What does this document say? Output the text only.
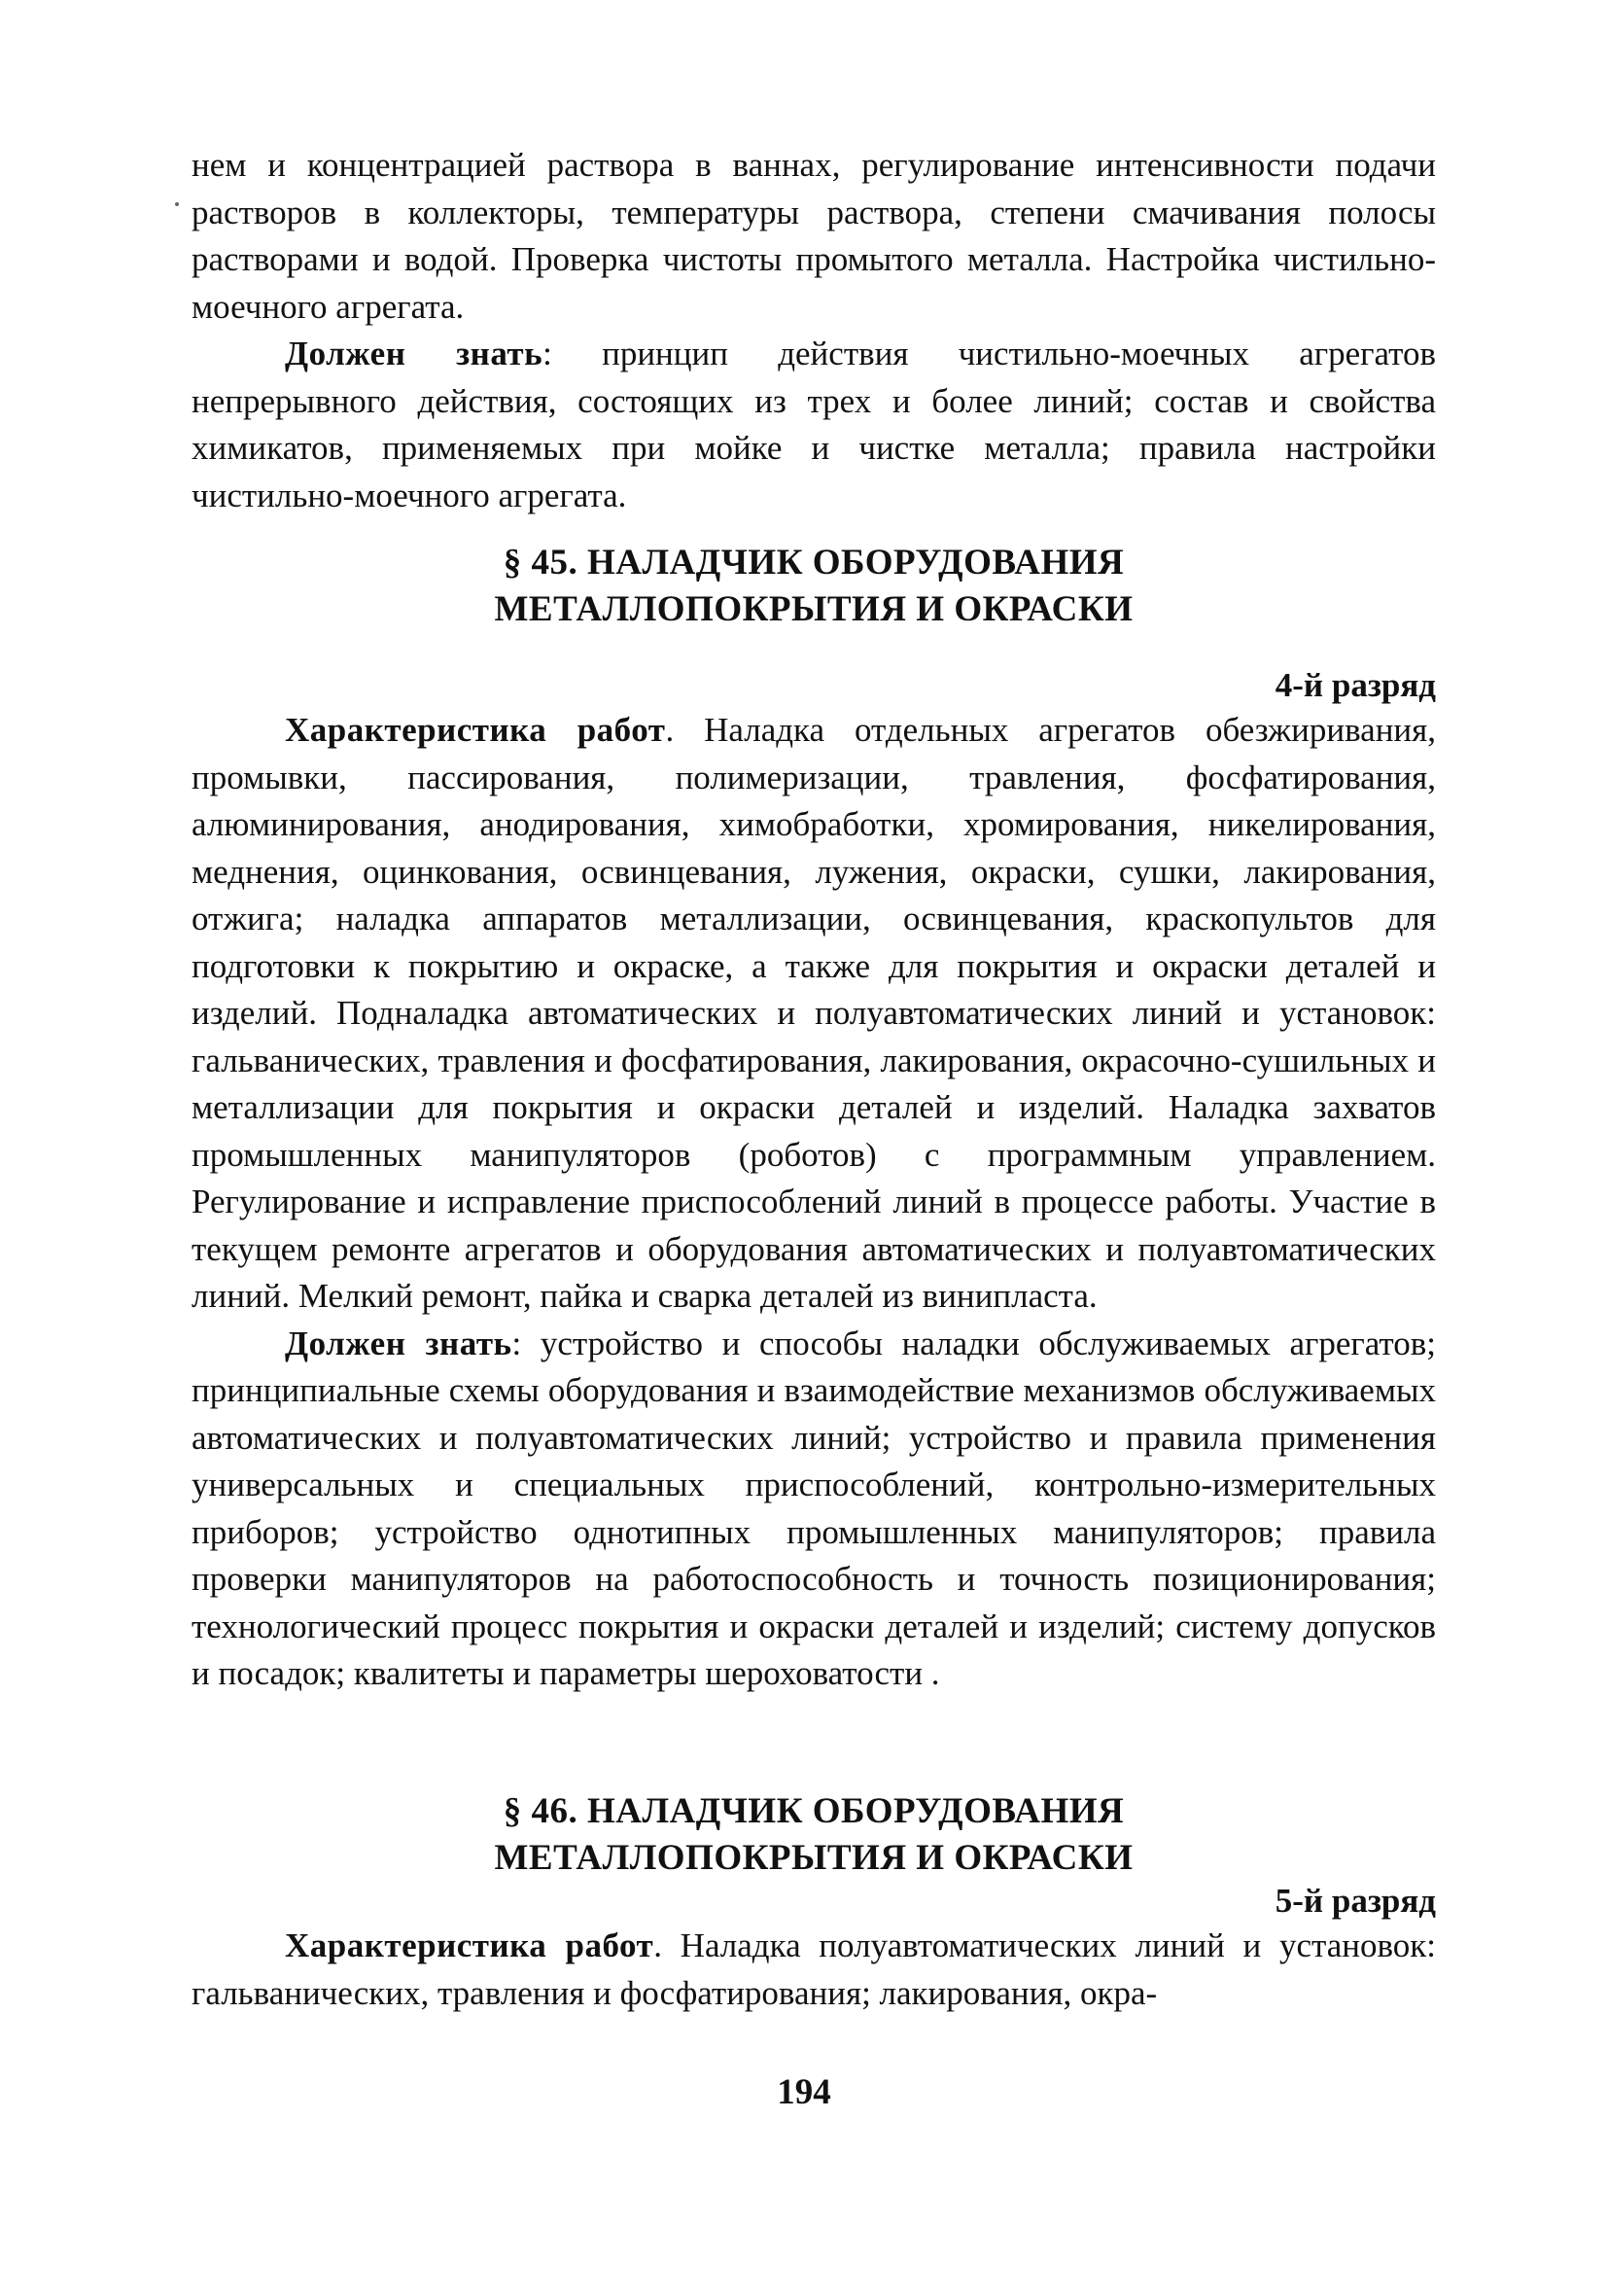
нем и концентрацией раствора в ваннах, регулирование интенсивности подачи растворов в коллекторы, температуры раствора, степени смачивания полосы растворами и водой. Проверка чистоты промытого металла. Настройка чистильно-моечного агрегата.

Должен знать: принцип действия чистильно-моечных агрегатов непрерывного действия, состоящих из трех и более линий; состав и свойства химикатов, применяемых при мойке и чистке металла; правила настройки чистильно-моечного агрегата.

§ 45. НАЛАДЧИК ОБОРУДОВАНИЯ
МЕТАЛЛОПОКРЫТИЯ И ОКРАСКИ
4-й разряд

Характеристика работ. Наладка отдельных агрегатов обезжиривания, промывки, пассирования, полимеризации, травления, фосфатирования, алюминирования, анодирования, химобработки, хромирования, никелирования, меднения, оцинкования, освинцевания, лужения, окраски, сушки, лакирования, отжига; наладка аппаратов металлизации, освинцевания, краскопультов для подготовки к покрытию и окраске, а также для покрытия и окраски деталей и изделий. Подналадка автоматических и полуавтоматических линий и установок: гальванических, травления и фосфатирования, лакирования, окрасочно-сушильных и металлизации для покрытия и окраски деталей и изделий. Наладка захватов промышленных манипуляторов (роботов) с программным управлением. Регулирование и исправление приспособлений линий в процессе работы. Участие в текущем ремонте агрегатов и оборудования автоматических и полуавтоматических линий. Мелкий ремонт, пайка и сварка деталей из винипласта.

Должен знать: устройство и способы наладки обслуживаемых агрегатов; принципиальные схемы оборудования и взаимодействие механизмов обслуживаемых автоматических и полуавтоматических линий; устройство и правила применения универсальных и специальных приспособлений, контрольно-измерительных приборов; устройство однотипных промышленных манипуляторов; правила проверки манипуляторов на работоспособность и точность позиционирования; технологический процесс покрытия и окраски деталей и изделий; систему допусков и посадок; квалитеты и параметры шероховатости .

§ 46. НАЛАДЧИК ОБОРУДОВАНИЯ
МЕТАЛЛОПОКРЫТИЯ И ОКРАСКИ
5-й разряд

Характеристика работ. Наладка полуавтоматических линий и установок: гальванических, травления и фосфатирования; лакирования, окра-

194
